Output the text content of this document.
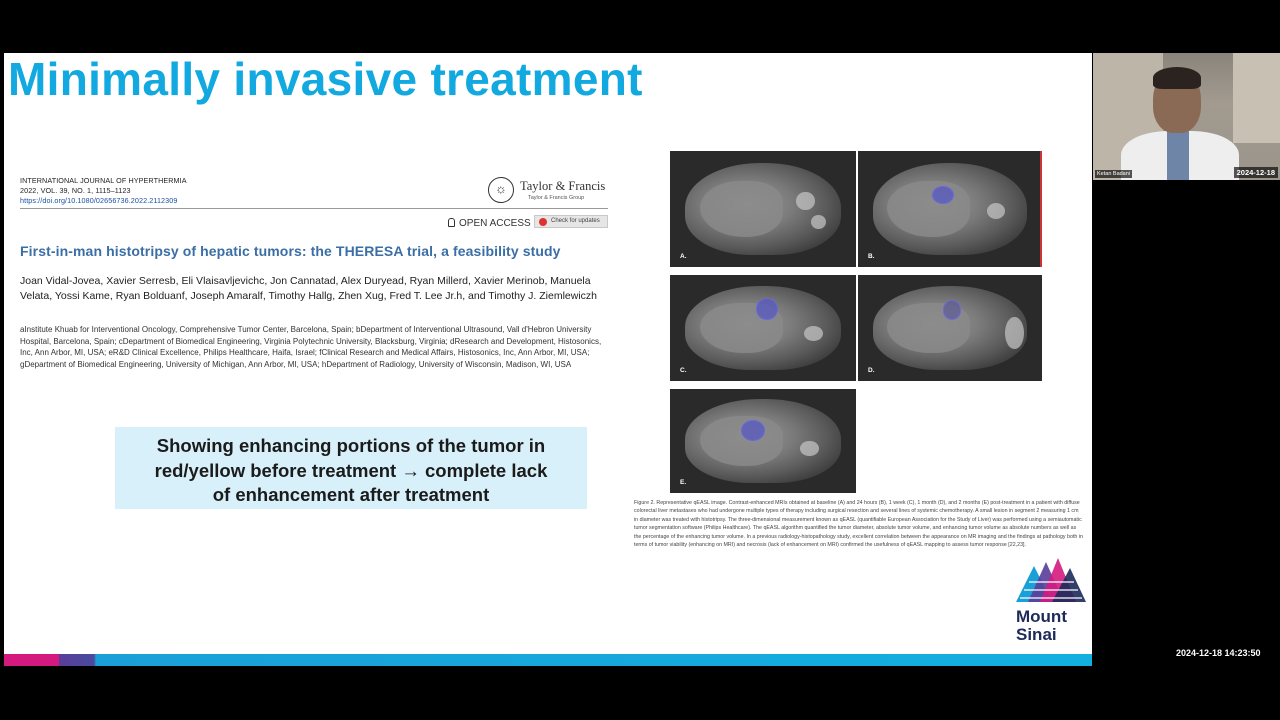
Minimally invasive treatment
INTERNATIONAL JOURNAL OF HYPERTHERMIA
2022, VOL. 39, NO. 1, 1115–1123
https://doi.org/10.1080/02656736.2022.2112309
☼	Taylor & Francis
Taylor & Francis Group
OPEN ACCESS	Check for updates
First-in-man histotripsy of hepatic tumors: the THERESA trial, a feasibility study
Joan Vidal-Jovea, Xavier Serresb, Eli Vlaisavljevichc, Jon Cannatad, Alex Duryead, Ryan Millerd, Xavier Merinob, Manuela Velata, Yossi Kame, Ryan Bolduanf, Joseph Amaralf, Timothy Hallg, Zhen Xug, Fred T. Lee Jr.h, and Timothy J. Ziemlewiczh
aInstitute Khuab for Interventional Oncology, Comprehensive Tumor Center, Barcelona, Spain; bDepartment of Interventional Ultrasound, Vall d'Hebron University Hospital, Barcelona, Spain; cDepartment of Biomedical Engineering, Virginia Polytechnic University, Blacksburg, Virginia; dResearch and Development, Histosonics, Inc, Ann Arbor, MI, USA; eR&D Clinical Excellence, Philips Healthcare, Haifa, Israel; fClinical Research and Medical Affairs, Histosonics, Inc, Ann Arbor, MI, USA; gDepartment of Biomedical Engineering, University of Michigan, Ann Arbor, MI, USA; hDepartment of Radiology, University of Wisconsin, Madison, WI, USA
Showing enhancing portions of the tumor in
red/yellow before treatment → complete lack
of enhancement after treatment
A.	B.
C.	D.
E.
Figure 2. Representative qEASL image. Contrast-enhanced MRIs obtained at baseline (A) and 24 hours (B), 1 week (C), 1 month (D), and 2 months (E) post-treatment in a patient with diffuse colorectal liver metastases who had undergone multiple types of therapy including surgical resection and several lines of systemic chemotherapy. A small lesion in segment 2 measuring 1 cm in diameter was treated with histotripsy. The three-dimensional measurement known as qEASL (quantifiable European Association for the Study of Liver) was performed using a semiautomatic tumor segmentation software (Philips Healthcare). The qEASL algorithm quantified the tumor diameter, absolute tumor volume, and enhancing tumor volume as absolute numbers as well as the percentage of the enhancing tumor volume. In a previous radiology-histopathology study, excellent correlation between the appearance on MR imaging and the findings at pathology both in terms of tumor viability (enhancing on MRI) and necrosis (lack of enhancement on MRI) confirmed the usefulness of qEASL mapping to assess tumor response [22,23].
Mount
Sinai
Ketan Badani	2024-12-18
2024-12-18 14:23:50
